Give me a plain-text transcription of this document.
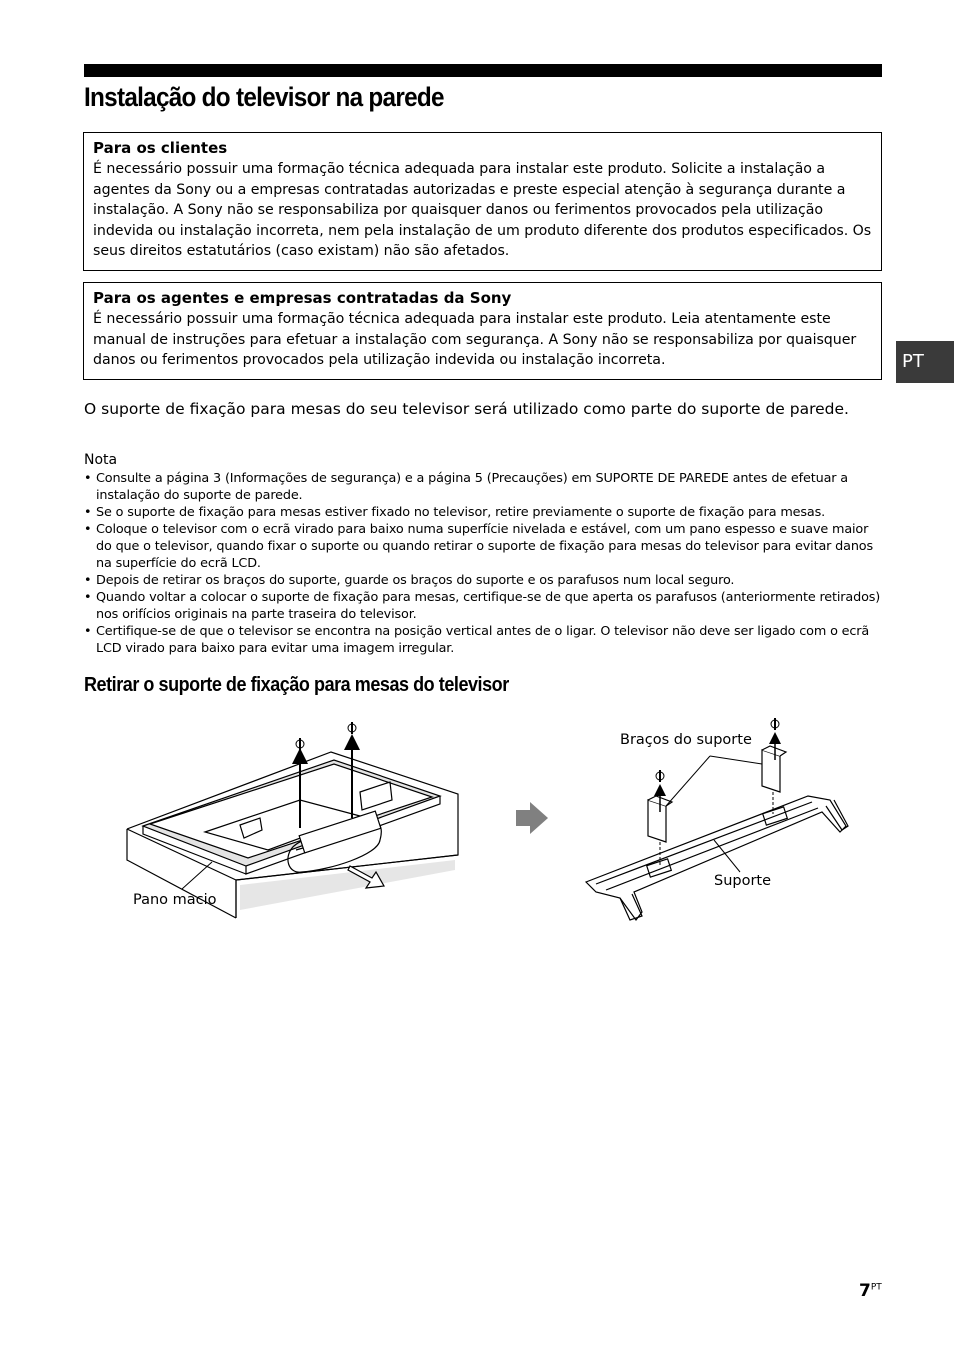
Instalação do televisor na parede
Para os clientes

É necessário possuir uma formação técnica adequada para instalar este produto. Solicite a instalação a agentes da Sony ou a empresas contratadas autorizadas e preste especial atenção à segurança durante a instalação. A Sony não se responsabiliza por quaisquer danos ou ferimentos provocados pela utilização indevida ou instalação incorreta, nem pela instalação de um produto diferente dos produtos especificados. Os seus direitos estatutários (caso existam) não são afetados.

Para os agentes e empresas contratadas da Sony

É necessário possuir uma formação técnica adequada para instalar este produto. Leia atentamente este manual de instruções para efetuar a instalação com segurança. A Sony não se responsabiliza por quaisquer danos ou ferimentos provocados pela utilização indevida ou instalação incorreta.	PT

O suporte de fixação para mesas do seu televisor será utilizado como parte do suporte de parede.

Nota
• Consulte a página 3 (Informações de segurança) e a página 5 (Precauções) em SUPORTE DE PAREDE antes de efetuar a instalação do suporte de parede.
• Se o suporte de fixação para mesas estiver fixado no televisor, retire previamente o suporte de fixação para mesas.
• Coloque o televisor com o ecrã virado para baixo numa superfície nivelada e estável, com um pano espesso e suave maior do que o televisor, quando fixar o suporte ou quando retirar o suporte de fixação para mesas do televisor para evitar danos na superfície do ecrã LCD.
• Depois de retirar os braços do suporte, guarde os braços do suporte e os parafusos num local seguro.
• Quando voltar a colocar o suporte de fixação para mesas, certifique-se de que aperta os parafusos (anteriormente retirados) nos orifícios originais na parte traseira do televisor.
• Certifique-se de que o televisor se encontra na posição vertical antes de o ligar. O televisor não deve ser ligado com o ecrã LCD virado para baixo para evitar uma imagem irregular.
Retirar o suporte de fixação para mesas do televisor
Pano macio
Braços do suporte
Suporte
$7^{PT}$
